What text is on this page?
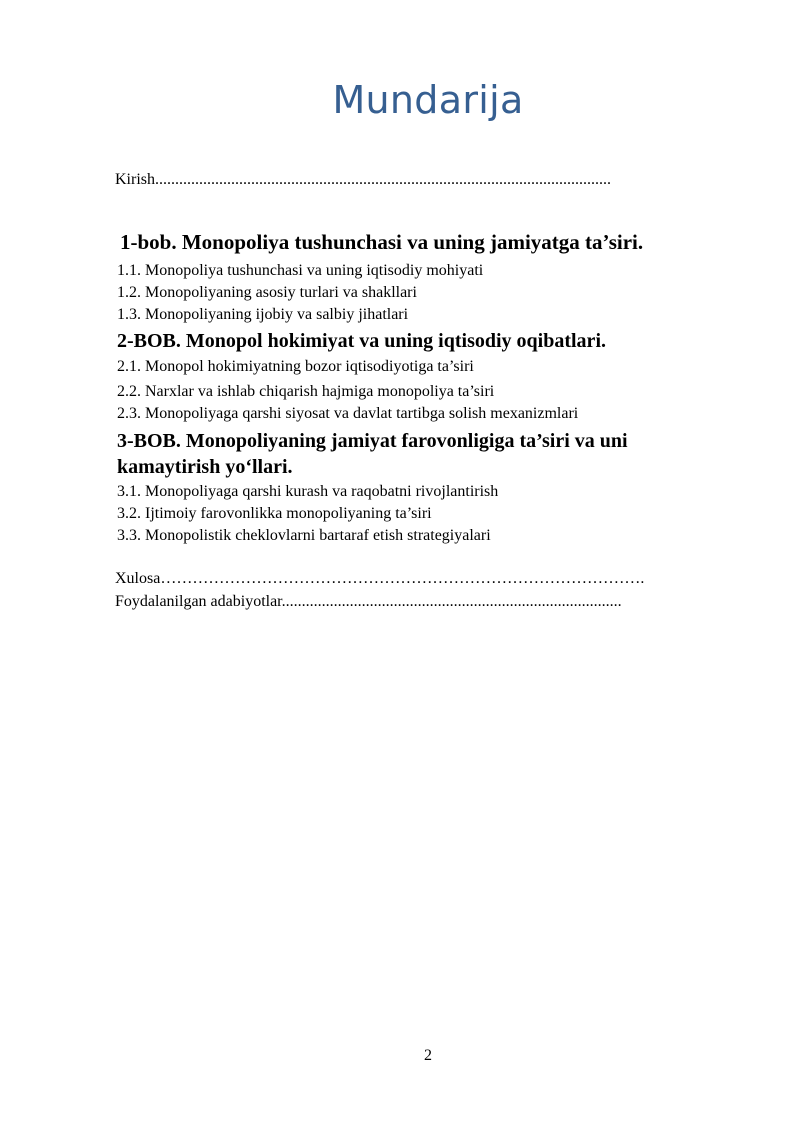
Mundarija
Kirish..................................................................................................................
1-bob. Monopoliya tushunchasi va uning jamiyatga ta’siri.
1.1. Monopoliya tushunchasi va uning iqtisodiy mohiyati
1.2. Monopoliyaning asosiy turlari va shakllari
1.3. Monopoliyaning ijobiy va salbiy jihatlari
2-BOB. Monopol hokimiyat va uning iqtisodiy oqibatlari.
2.1. Monopol hokimiyatning bozor iqtisodiyotiga ta’siri
2.2. Narxlar va ishlab chiqarish hajmiga monopoliya ta’siri
2.3. Monopoliyaga qarshi siyosat va davlat tartibga solish mexanizmlari
3-BOB. Monopoliyaning jamiyat farovonligiga ta’siri va uni
kamaytirish yo‘llari.
3.1. Monopoliyaga qarshi kurash va raqobatni rivojlantirish
3.2. Ijtimoiy farovonlikka monopoliyaning ta’siri
3.3. Monopolistik cheklovlarni bartaraf etish strategiyalari
Xulosa……………………………………………………………………………….
Foydalanilgan adabiyotlar.....................................................................................
2
